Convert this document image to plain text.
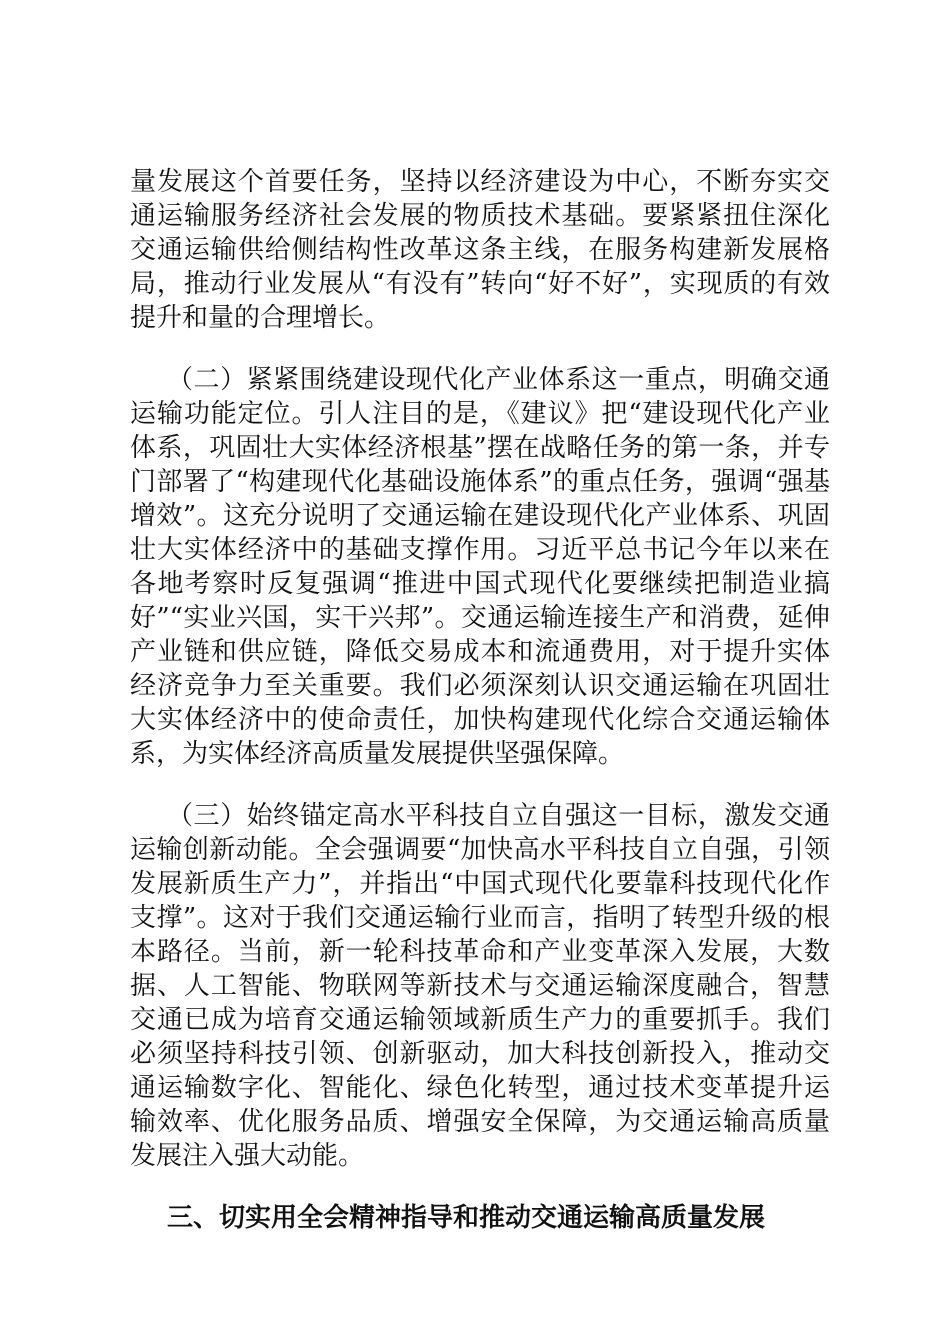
量发展这个首要任务，坚持以经济建设为中心，不断夯实交通运输服务经济社会发展的物质技术基础。要紧紧扭住深化交通运输供给侧结构性改革这条主线，在服务构建新发展格局，推动行业发展从“有没有”转向“好不好”，实现质的有效提升和量的合理增长。

（二）紧紧围绕建设现代化产业体系这一重点，明确交通运输功能定位。引人注目的是，《建议》把“建设现代化产业体系，巩固壮大实体经济根基”摆在战略任务的第一条，并专门部署了“构建现代化基础设施体系”的重点任务，强调“强基增效”。这充分说明了交通运输在建设现代化产业体系、巩固壮大实体经济中的基础支撑作用。习近平总书记今年以来在各地考察时反复强调“推进中国式现代化要继续把制造业搞好”“实业兴国，实干兴邦”。交通运输连接生产和消费，延伸产业链和供应链，降低交易成本和流通费用，对于提升实体经济竞争力至关重要。我们必须深刻认识交通运输在巩固壮大实体经济中的使命责任，加快构建现代化综合交通运输体系，为实体经济高质量发展提供坚强保障。

（三）始终锚定高水平科技自立自强这一目标，激发交通运输创新动能。全会强调要“加快高水平科技自立自强，引领发展新质生产力”，并指出“中国式现代化要靠科技现代化作支撑”。这对于我们交通运输行业而言，指明了转型升级的根本路径。当前，新一轮科技革命和产业变革深入发展，大数据、人工智能、物联网等新技术与交通运输深度融合，智慧交通已成为培育交通运输领域新质生产力的重要抓手。我们必须坚持科技引领、创新驱动，加大科技创新投入，推动交通运输数字化、智能化、绿色化转型，通过技术变革提升运输效率、优化服务品质、增强安全保障，为交通运输高质量发展注入强大动能。

三、切实用全会精神指导和推动交通运输高质量发展
